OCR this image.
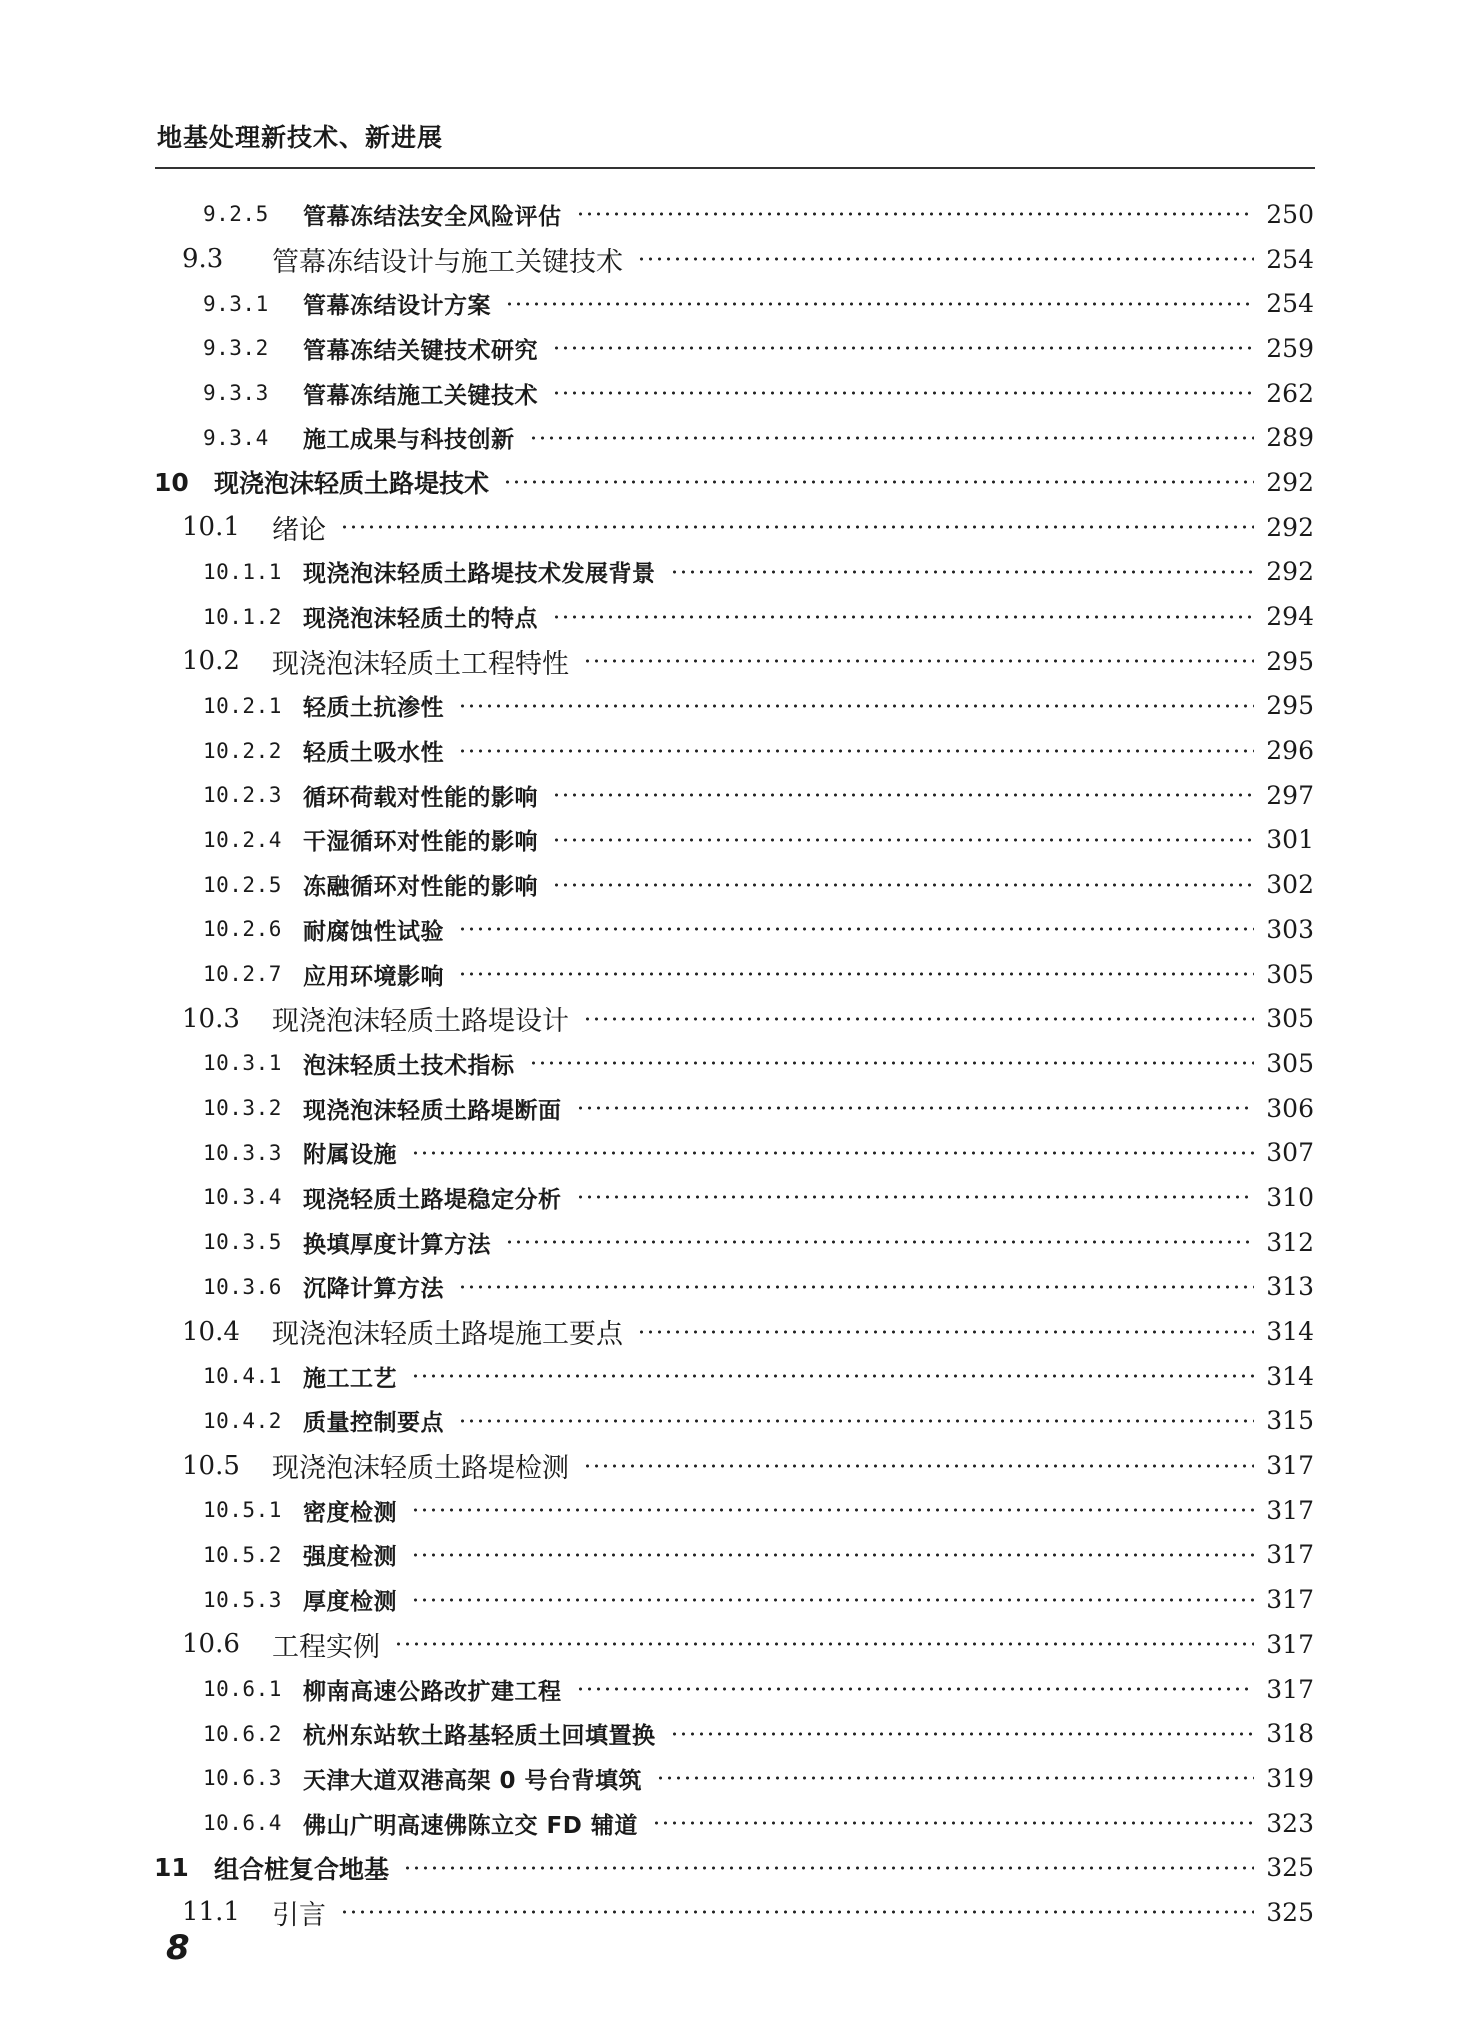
地基处理新技术、新进展
9.2.5	管幕冻结法安全风险评估	250
9.3	管幕冻结设计与施工关键技术	254
9.3.1	管幕冻结设计方案	254
9.3.2	管幕冻结关键技术研究	259
9.3.3	管幕冻结施工关键技术	262
9.3.4	施工成果与科技创新	289
10	现浇泡沫轻质土路堤技术	292
10.1	绪论	292
10.1.1 现浇泡沫轻质土路堤技术发展背景	292
10.1.2 现浇泡沫轻质土的特点	294
10.2	现浇泡沫轻质土工程特性	295
10.2.1 轻质土抗渗性	295
10.2.2 轻质土吸水性	296
10.2.3 循环荷载对性能的影响	297
10.2.4 干湿循环对性能的影响	301
10.2.5 冻融循环对性能的影响	302
10.2.6 耐腐蚀性试验	303
10.2.7 应用环境影响	305
10.3	现浇泡沫轻质土路堤设计	305
10.3.1 泡沫轻质土技术指标	305
10.3.2 现浇泡沫轻质土路堤断面	306
10.3.3 附属设施	307
10.3.4 现浇轻质土路堤稳定分析	310
10.3.5 换填厚度计算方法	312
10.3.6 沉降计算方法	313
10.4	现浇泡沫轻质土路堤施工要点	314
10.4.1 施工工艺	314
10.4.2 质量控制要点	315
10.5	现浇泡沫轻质土路堤检测	317
10.5.1 密度检测	317
10.5.2 强度检测	317
10.5.3 厚度检测	317
10.6	工程实例	317
10.6.1 柳南高速公路改扩建工程	317
10.6.2 杭州东站软土路基轻质土回填置换	318
10.6.3 天津大道双港高架 0 号台背填筑	319
10.6.4 佛山广明高速佛陈立交 FD 辅道	323
11	组合桩复合地基	325
11.1	引言	325
8
